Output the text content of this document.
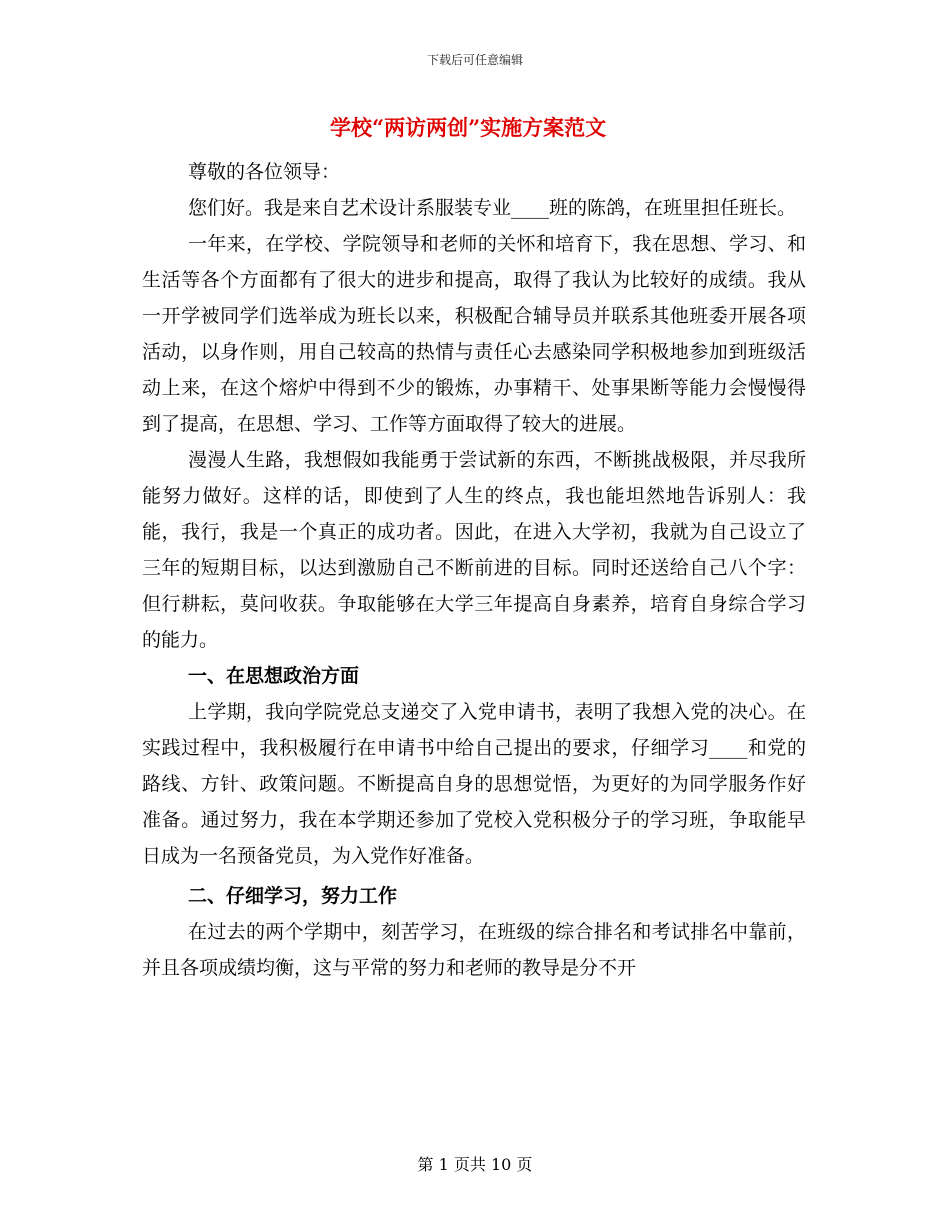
下载后可任意编辑
学校“两访两创”实施方案范文

尊敬的各位领导：

您们好。我是来自艺术设计系服装专业____班的陈鸽，在班里担任班长。

一年来，在学校、学院领导和老师的关怀和培育下，我在思想、学习、和生活等各个方面都有了很大的进步和提高，取得了我认为比较好的成绩。我从一开学被同学们选举成为班长以来，积极配合辅导员并联系其他班委开展各项活动，以身作则，用自己较高的热情与责任心去感染同学积极地参加到班级活动上来，在这个熔炉中得到不少的锻炼，办事精干、处事果断等能力会慢慢得到了提高，在思想、学习、工作等方面取得了较大的进展。

漫漫人生路，我想假如我能勇于尝试新的东西，不断挑战极限，并尽我所能努力做好。这样的话，即使到了人生的终点，我也能坦然地告诉别人：我能，我行，我是一个真正的成功者。因此，在进入大学初，我就为自己设立了三年的短期目标，以达到激励自己不断前进的目标。同时还送给自己八个字：但行耕耘，莫问收获。争取能够在大学三年提高自身素养，培育自身综合学习的能力。

一、在思想政治方面

上学期，我向学院党总支递交了入党申请书，表明了我想入党的决心。在实践过程中，我积极履行在申请书中给自己提出的要求，仔细学习____和党的路线、方针、政策问题。不断提高自身的思想觉悟，为更好的为同学服务作好准备。通过努力，我在本学期还参加了党校入党积极分子的学习班，争取能早日成为一名预备党员，为入党作好准备。

二、仔细学习，努力工作

在过去的两个学期中，刻苦学习，在班级的综合排名和考试排名中靠前，并且各项成绩均衡，这与平常的努力和老师的教导是分不开

第 1 页共 10 页
